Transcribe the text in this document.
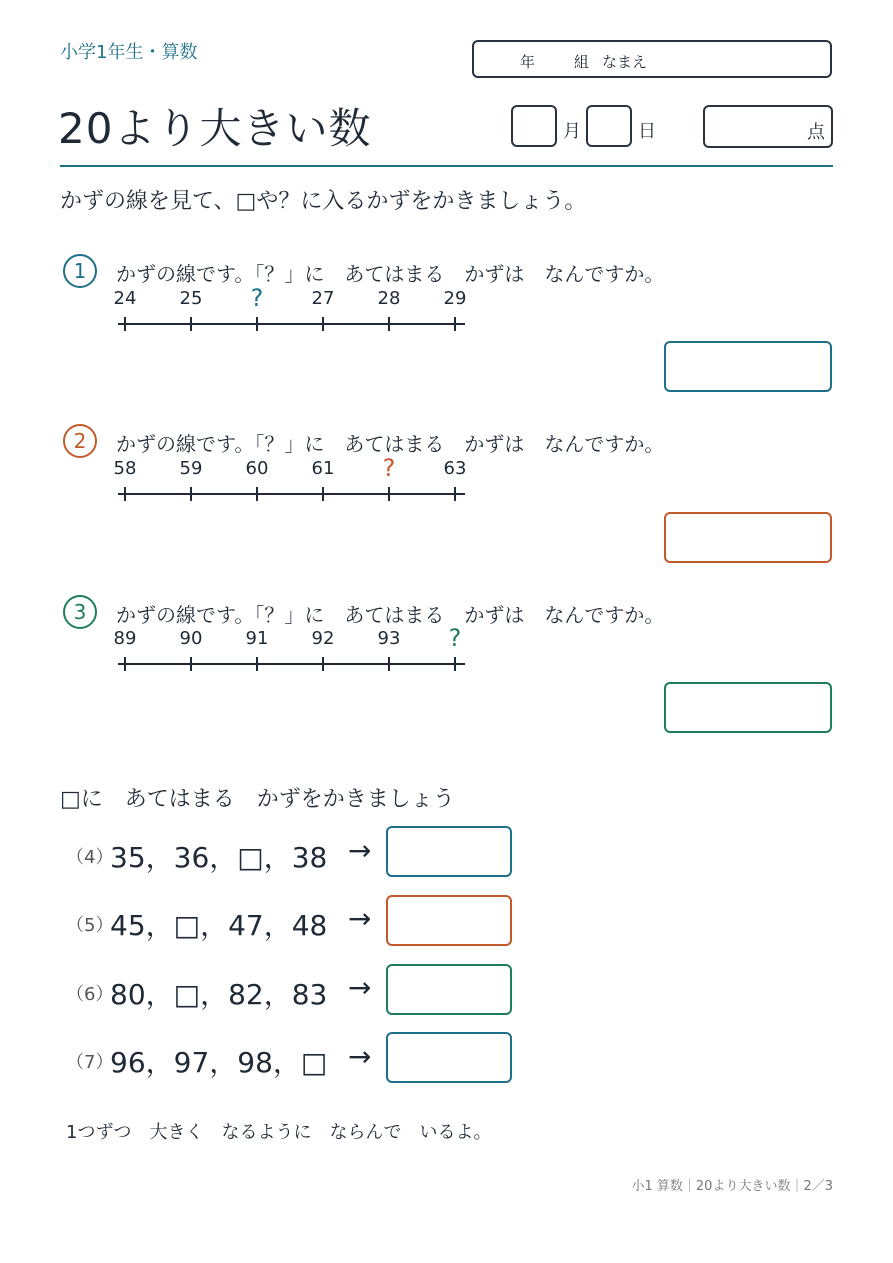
小学1年生・算数	年	組 なまえ
20より大きい数	月	日	点
かずの線を見て、□や？に入るかずをかきましょう。
1	かずの線です。「？」に　あてはまる　かずは　なんですか。
24	25	?	27	28	29
2	かずの線です。「？」に　あてはまる　かずは　なんですか。
58	59	60	61	?	63
3	かずの線です。「？」に　あてはまる　かずは　なんですか。
89	90	91	92	93	?
□に　あてはまる　かずをかきましょう
（4）
35，36，□，38 →
（5）
45，□，47，48 →
（6）
80，□，82，83 →
（7）
96，97，98，□ →
1つずつ　大きく　なるように　ならんで　いるよ。
小1 算数｜20より大きい数｜2／3
